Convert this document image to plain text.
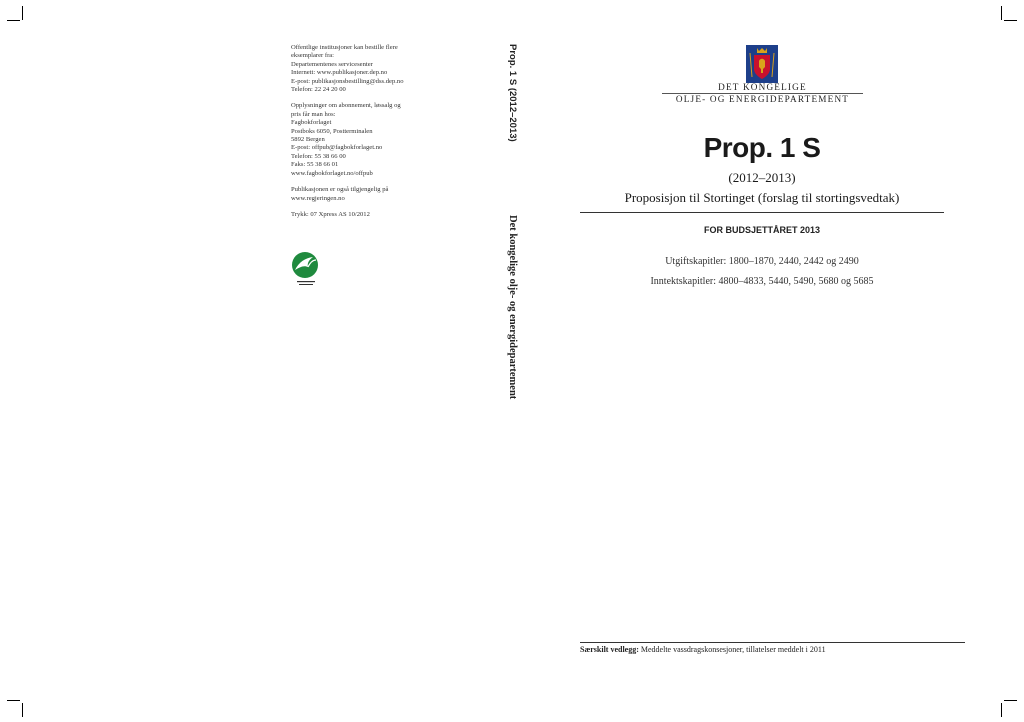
Offentlige institusjoner kan bestille flere
eksemplarer fra:
Departementenes servicesenter
Internett: www.publikasjoner.dep.no
E-post: publikasjonsbestilling@dss.dep.no
Telefon: 22 24 20 00
Opplysninger om abonnement, løssalg og
pris får man hos:
Fagbokforlaget
Postboks 6050, Postterminalen
5892 Bergen
E-post: offpub@fagbokforlaget.no
Telefon: 55 38 66 00
Faks: 55 38 66 01
www.fagbokforlaget.no/offpub
Publikasjonen er også tilgjengelig på
www.regjeringen.no
Trykk: 07 Xpress AS 10/2012
Prop. 1 S (2012–2013)
Det kongelige olje- og energidepartement
DET KONGELIGE
OLJE- OG ENERGIDEPARTEMENT
Prop. 1 S
(2012–2013)
Proposisjon til Stortinget (forslag til stortingsvedtak)
FOR BUDSJETTÅRET 2013
Utgiftskapitler: 1800–1870, 2440, 2442 og 2490
Inntektskapitler: 4800–4833, 5440, 5490, 5680 og 5685
Særskilt vedlegg: Meddelte vassdragskonsesjoner, tillatelser meddelt i 2011
